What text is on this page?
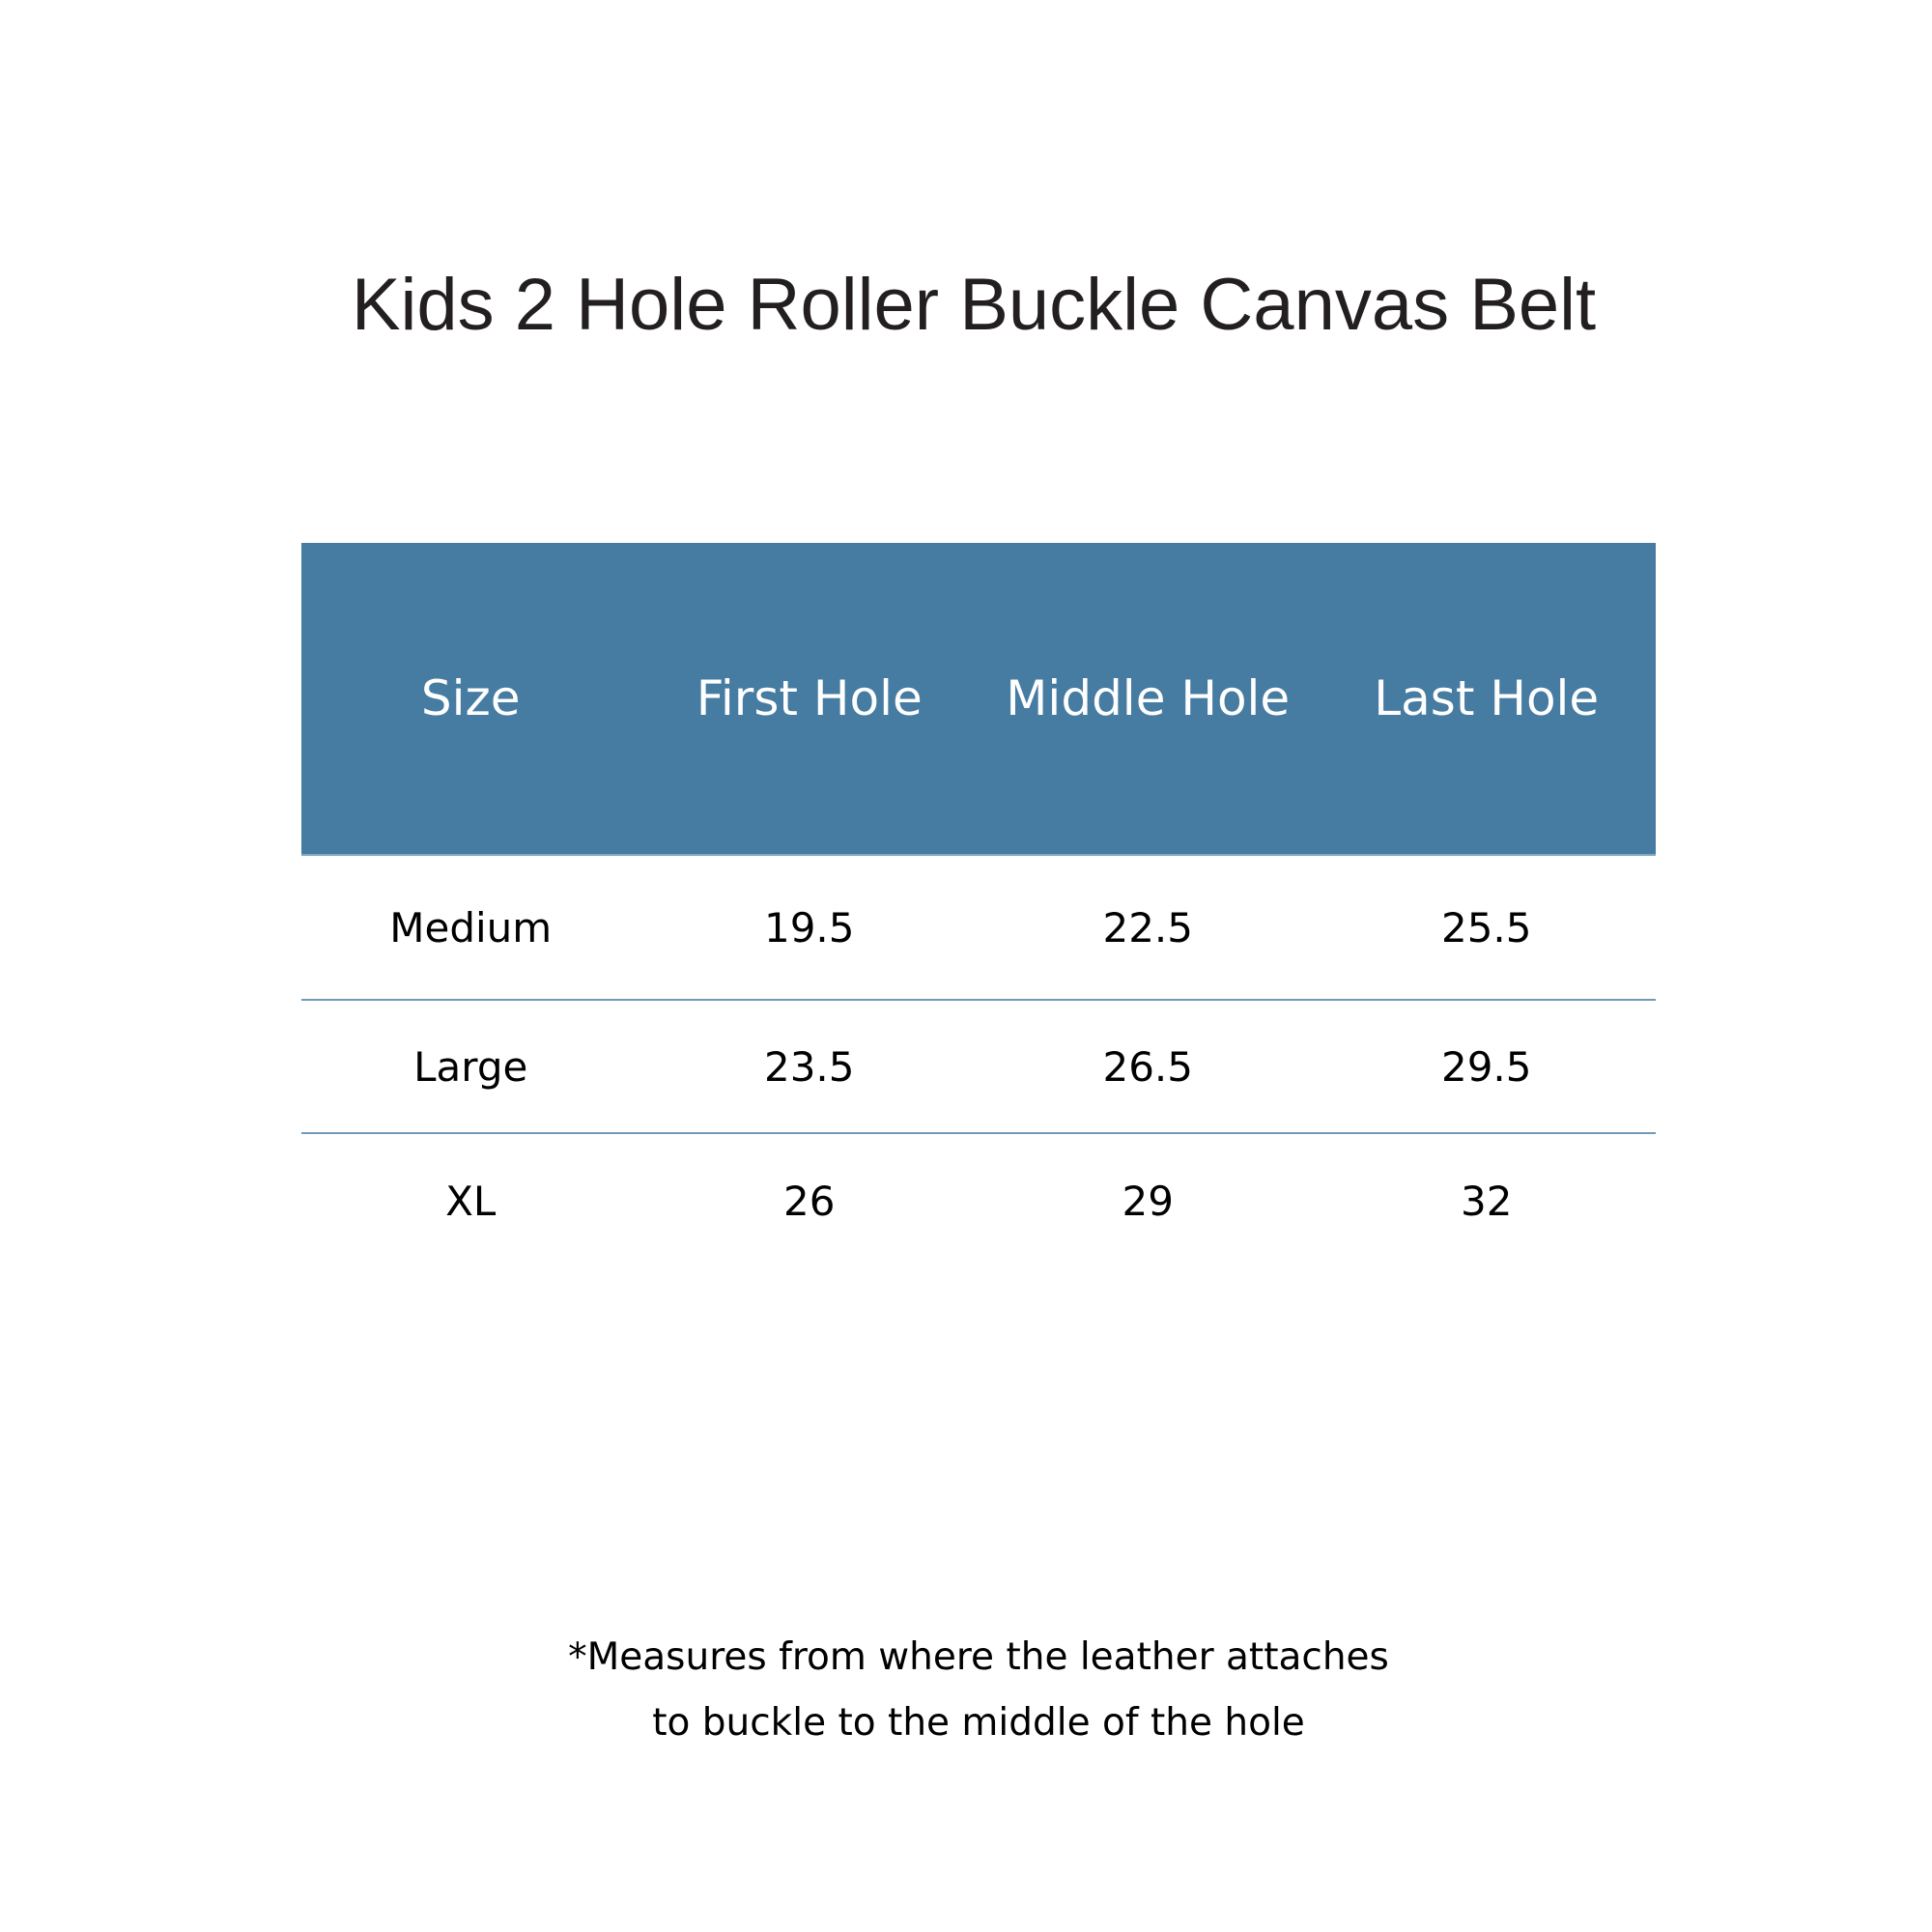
Kids 2 Hole Roller Buckle Canvas Belt
Size	First Hole	Middle Hole	Last Hole
Medium	19.5	22.5	25.5
Large	23.5	26.5	29.5
XL	26	29	32
*Measures from where the leather attaches
to buckle to the middle of the hole
